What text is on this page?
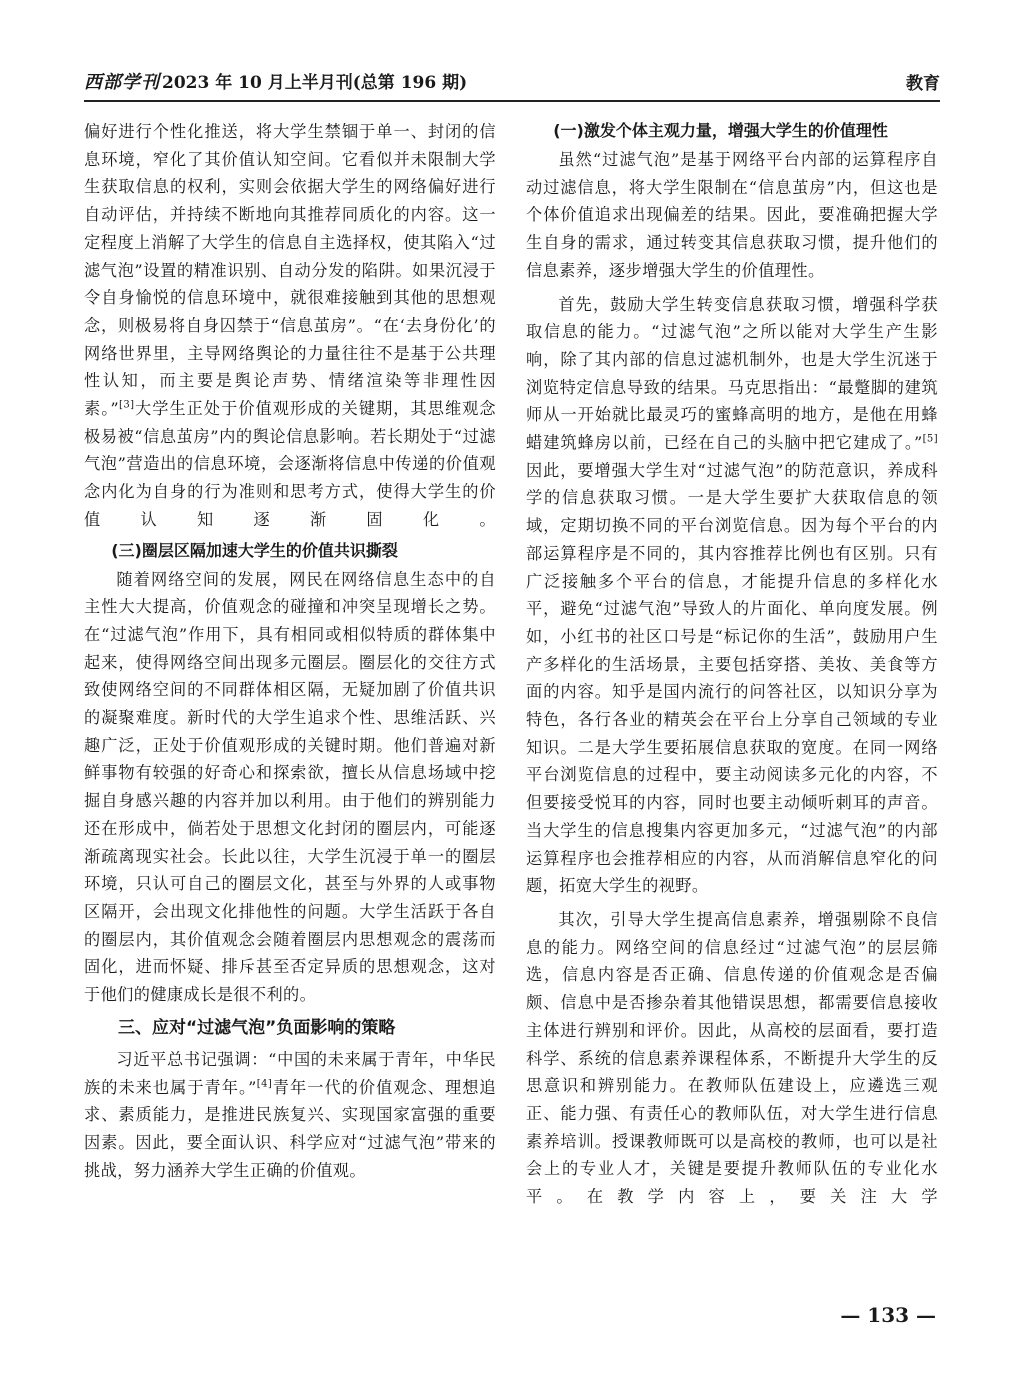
西部学刊 2023 年 10 月上半月刊(总第 196 期)	教育

偏好进行个性化推送，将大学生禁锢于单一、封闭的信息环境，窄化了其价值认知空间。它看似并未限制大学生获取信息的权利，实则会依据大学生的网络偏好进行自动评估，并持续不断地向其推荐同质化的内容。这一定程度上消解了大学生的信息自主选择权，使其陷入“过滤气泡”设置的精准识别、自动分发的陷阱。如果沉浸于令自身愉悦的信息环境中，就很难接触到其他的思想观念，则极易将自身囚禁于“信息茧房”。“在‘去身份化’的网络世界里，主导网络舆论的力量往往不是基于公共理性认知，而主要是舆论声势、情绪渲染等非理性因素。”[3]大学生正处于价值观形成的关键期，其思维观念极易被“信息茧房”内的舆论信息影响。若长期处于“过滤气泡”营造出的信息环境，会逐渐将信息中传递的价值观念内化为自身的行为准则和思考方式，使得大学生的价值认知逐渐固化。

(三)圈层区隔加速大学生的价值共识撕裂

随着网络空间的发展，网民在网络信息生态中的自主性大大提高，价值观念的碰撞和冲突呈现增长之势。在“过滤气泡”作用下，具有相同或相似特质的群体集中起来，使得网络空间出现多元圈层。圈层化的交往方式致使网络空间的不同群体相区隔，无疑加剧了价值共识的凝聚难度。新时代的大学生追求个性、思维活跃、兴趣广泛，正处于价值观形成的关键时期。他们普遍对新鲜事物有较强的好奇心和探索欲，擅长从信息场域中挖掘自身感兴趣的内容并加以利用。由于他们的辨别能力还在形成中，倘若处于思想文化封闭的圈层内，可能逐渐疏离现实社会。长此以往，大学生沉浸于单一的圈层环境，只认可自己的圈层文化，甚至与外界的人或事物区隔开，会出现文化排他性的问题。大学生活跃于各自的圈层内，其价值观念会随着圈层内思想观念的震荡而固化，进而怀疑、排斥甚至否定异质的思想观念，这对于他们的健康成长是很不利的。

三、应对“过滤气泡”负面影响的策略

习近平总书记强调：“中国的未来属于青年，中华民族的未来也属于青年。”[4]青年一代的价值观念、理想追求、素质能力，是推进民族复兴、实现国家富强的重要因素。因此，要全面认识、科学应对“过滤气泡”带来的挑战，努力涵养大学生正确的价值观。

(一)激发个体主观力量，增强大学生的价值理性

虽然“过滤气泡”是基于网络平台内部的运算程序自动过滤信息，将大学生限制在“信息茧房”内，但这也是个体价值追求出现偏差的结果。因此，要准确把握大学生自身的需求，通过转变其信息获取习惯，提升他们的信息素养，逐步增强大学生的价值理性。

首先，鼓励大学生转变信息获取习惯，增强科学获取信息的能力。“过滤气泡”之所以能对大学生产生影响，除了其内部的信息过滤机制外，也是大学生沉迷于浏览特定信息导致的结果。马克思指出：“最蹩脚的建筑师从一开始就比最灵巧的蜜蜂高明的地方，是他在用蜂蜡建筑蜂房以前，已经在自己的头脑中把它建成了。”[5]因此，要增强大学生对“过滤气泡”的防范意识，养成科学的信息获取习惯。一是大学生要扩大获取信息的领域，定期切换不同的平台浏览信息。因为每个平台的内部运算程序是不同的，其内容推荐比例也有区别。只有广泛接触多个平台的信息，才能提升信息的多样化水平，避免“过滤气泡”导致人的片面化、单向度发展。例如，小红书的社区口号是“标记你的生活”，鼓励用户生产多样化的生活场景，主要包括穿搭、美妆、美食等方面的内容。知乎是国内流行的问答社区，以知识分享为特色，各行各业的精英会在平台上分享自己领域的专业知识。二是大学生要拓展信息获取的宽度。在同一网络平台浏览信息的过程中，要主动阅读多元化的内容，不但要接受悦耳的内容，同时也要主动倾听刺耳的声音。当大学生的信息搜集内容更加多元，“过滤气泡”的内部运算程序也会推荐相应的内容，从而消解信息窄化的问题，拓宽大学生的视野。

其次，引导大学生提高信息素养，增强剔除不良信息的能力。网络空间的信息经过“过滤气泡”的层层筛选，信息内容是否正确、信息传递的价值观念是否偏颇、信息中是否掺杂着其他错误思想，都需要信息接收主体进行辨别和评价。因此，从高校的层面看，要打造科学、系统的信息素养课程体系，不断提升大学生的反思意识和辨别能力。在教师队伍建设上，应遴选三观正、能力强、有责任心的教师队伍，对大学生进行信息素养培训。授课教师既可以是高校的教师，也可以是社会上的专业人才，关键是要提升教师队伍的专业化水平。在教学内容上，要关注大学

— 133 —
